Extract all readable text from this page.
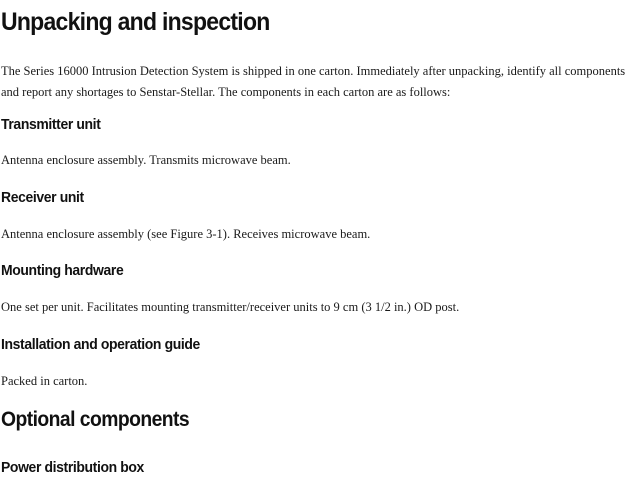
Unpacking and inspection

The Series 16000 Intrusion Detection System is shipped in one carton. Immediately after unpacking, identify all components and report any shortages to Senstar-Stellar. The components in each carton are as follows:

Transmitter unit

Antenna enclosure assembly. Transmits microwave beam.

Receiver unit

Antenna enclosure assembly (see Figure 3-1). Receives microwave beam.

Mounting hardware

One set per unit. Facilitates mounting transmitter/receiver units to 9 cm (3 1/2 in.) OD post.

Installation and operation guide

Packed in carton.

Optional components
Power distribution box
